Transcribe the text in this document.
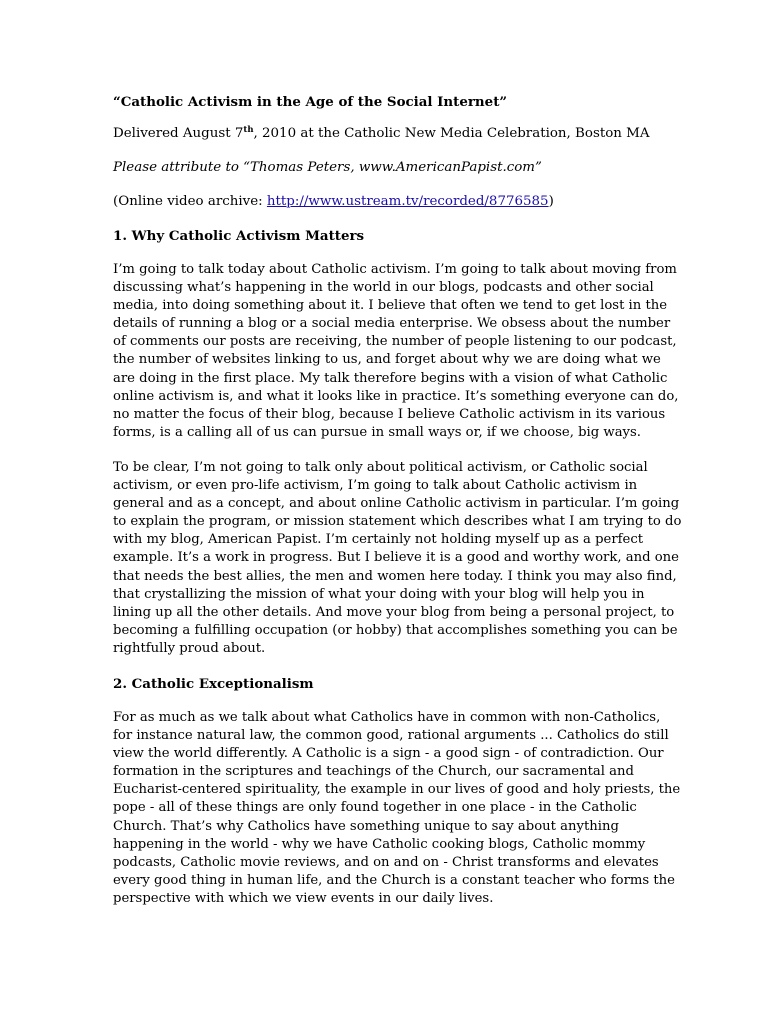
“Catholic Activism in the Age of the Social Internet”

Delivered August 7th, 2010 at the Catholic New Media Celebration, Boston MA

Please attribute to “Thomas Peters, www.AmericanPapist.com”

(Online video archive: http://www.ustream.tv/recorded/8776585)

1. Why Catholic Activism Matters

I’m going to talk today about Catholic activism. I’m going to talk about moving from

discussing what’s happening in the world in our blogs, podcasts and other social

media, into doing something about it. I believe that often we tend to get lost in the

details of running a blog or a social media enterprise. We obsess about the number

of comments our posts are receiving, the number of people listening to our podcast,

the number of websites linking to us, and forget about why we are doing what we

are doing in the first place. My talk therefore begins with a vision of what Catholic

online activism is, and what it looks like in practice. It’s something everyone can do,

no matter the focus of their blog, because I believe Catholic activism in its various

forms, is a calling all of us can pursue in small ways or, if we choose, big ways.

To be clear, I’m not going to talk only about political activism, or Catholic social

activism, or even pro-life activism, I’m going to talk about Catholic activism in

general and as a concept, and about online Catholic activism in particular. I’m going

to explain the program, or mission statement which describes what I am trying to do

with my blog, American Papist. I’m certainly not holding myself up as a perfect

example. It’s a work in progress. But I believe it is a good and worthy work, and one

that needs the best allies, the men and women here today. I think you may also find,

that crystallizing the mission of what your doing with your blog will help you in

lining up all the other details. And move your blog from being a personal project, to

becoming a fulfilling occupation (or hobby) that accomplishes something you can be

rightfully proud about.

2. Catholic Exceptionalism

For as much as we talk about what Catholics have in common with non-Catholics,

for instance natural law, the common good, rational arguments ... Catholics do still

view the world differently. A Catholic is a sign - a good sign - of contradiction. Our

formation in the scriptures and teachings of the Church, our sacramental and

Eucharist-centered spirituality, the example in our lives of good and holy priests, the

pope - all of these things are only found together in one place - in the Catholic

Church. That’s why Catholics have something unique to say about anything

happening in the world - why we have Catholic cooking blogs, Catholic mommy

podcasts, Catholic movie reviews, and on and on - Christ transforms and elevates

every good thing in human life, and the Church is a constant teacher who forms the

perspective with which we view events in our daily lives.
